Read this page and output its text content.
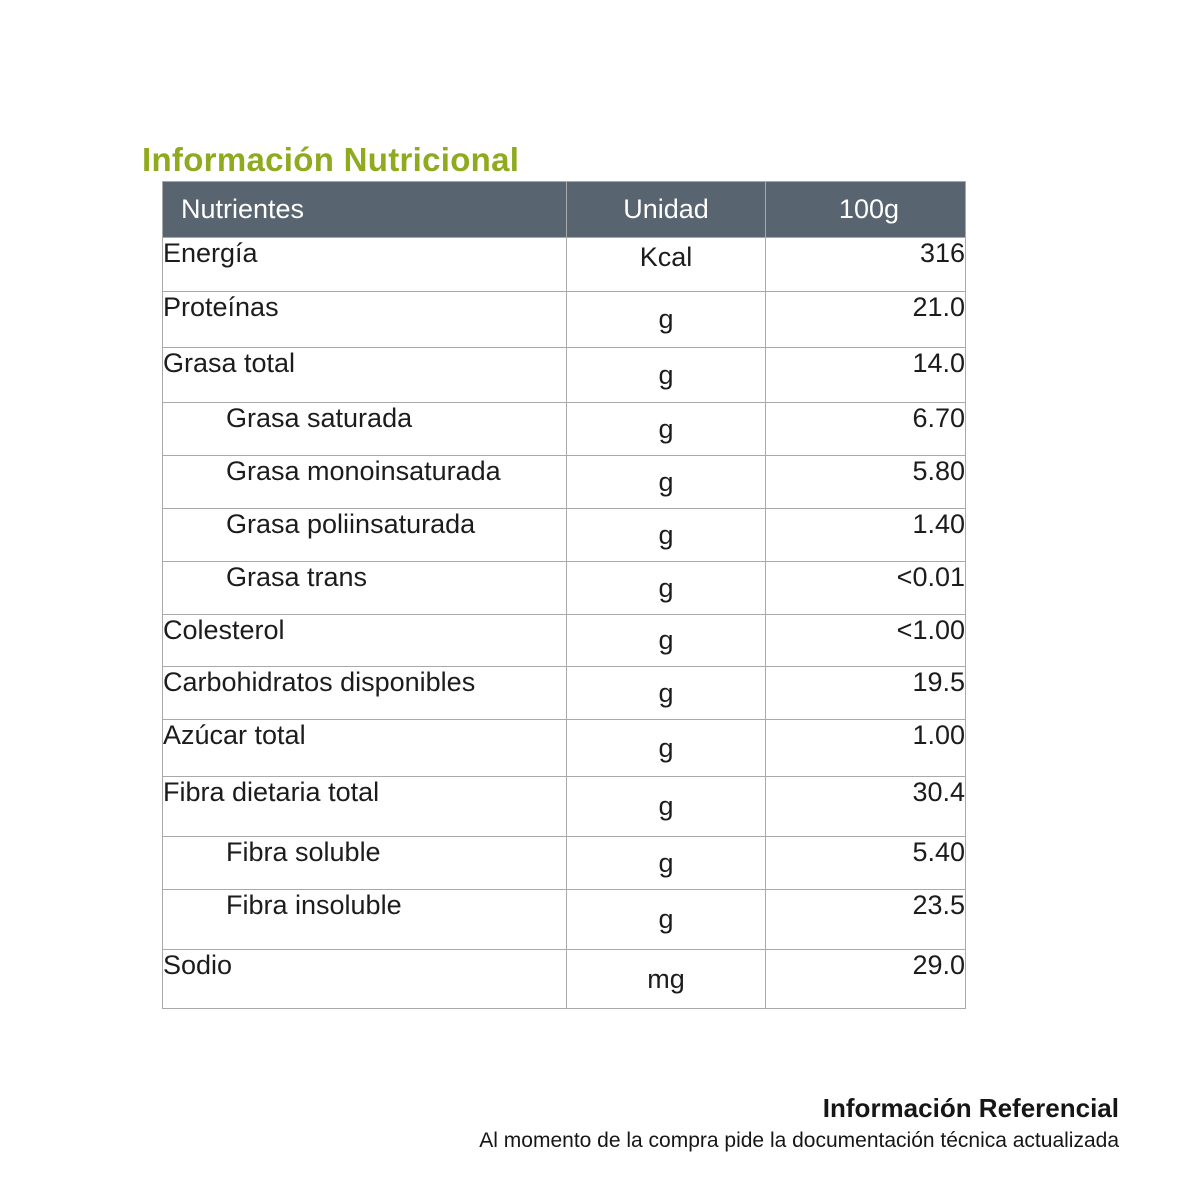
Información Nutricional
Nutrientes	Unidad	100g

Energía	Kcal	316
Proteínas	g	21.0
Grasa total	g	14.0
Grasa saturada	g	6.70
Grasa monoinsaturada	g	5.80
Grasa poliinsaturada	g	1.40
Grasa trans	g	<0.01
Colesterol	g	<1.00
Carbohidratos disponibles	g	19.5
Azúcar total	g	1.00
Fibra dietaria total	g	30.4
Fibra soluble	g	5.40
Fibra insoluble	g	23.5
Sodio	mg	29.0
Información Referencial
Al momento de la compra pide la documentación técnica actualizada
